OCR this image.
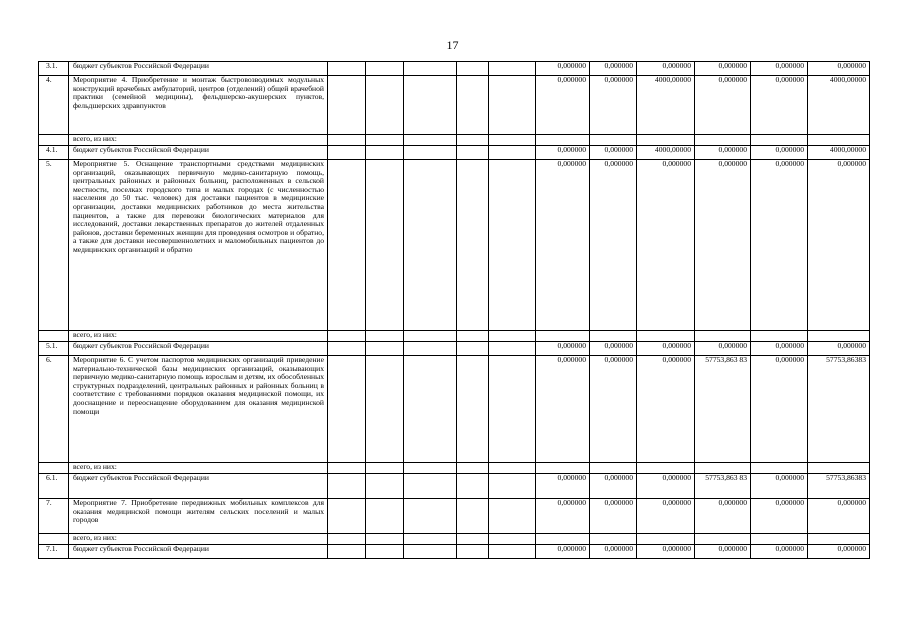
17
3.1.	бюджет субъектов Российской Федерации						0,000000	0,000000	0,000000	0,000000	0,000000	0,000000
4.	Мероприятие 4. Приобретение и монтаж быстровозводимых модульных конструкций врачебных амбулаторий, центров (отделений) общей врачебной практики (семейной медицины), фельдшерско-акушерских пунктов, фельдшерских здравпунктов						0,000000	0,000000	4000,00000	0,000000	0,000000	4000,00000
	всего, из них:											
4.1.	бюджет субъектов Российской Федерации						0,000000	0,000000	4000,00000	0,000000	0,000000	4000,00000
5.	Мероприятие 5. Оснащение транспортными средствами медицинских организаций, оказывающих первичную медико-санитарную помощь, центральных районных и районных больниц, расположенных в сельской местности, поселках городского типа и малых городах (с численностью населения до 50 тыс. человек) для доставки пациентов в медицинские организации, доставки медицинских работников до места жительства пациентов, а также для перевозки биологических материалов для исследований, доставки лекарственных препаратов до жителей отдаленных районов, доставки беременных женщин для проведения осмотров и обратно, а также для доставки несовершеннолетних и маломобильных пациентов до медицинских организаций и обратно						0,000000	0,000000	0,000000	0,000000	0,000000	0,000000
	всего, из них:											
5.1.	бюджет субъектов Российской Федерации						0,000000	0,000000	0,000000	0,000000	0,000000	0,000000
6.	Мероприятие 6. С учетом паспортов медицинских организаций приведение материально-технической базы медицинских организаций, оказывающих первичную медико-санитарную помощь взрослым и детям, их обособленных структурных подразделений, центральных районных и районных больниц в соответствие с требованиями порядков оказания медицинской помощи, их дооснащение и переоснащение оборудованием для оказания медицинской помощи						0,000000	0,000000	0,000000	57753,863 83	0,000000	57753,86383
	всего, из них:											
6.1.	бюджет субъектов Российской Федерации						0,000000	0,000000	0,000000	57753,863 83	0,000000	57753,86383
7.	Мероприятие 7. Приобретение передвижных мобильных комплексов для оказания медицинской помощи жителям сельских поселений и малых городов						0,000000	0,000000	0,000000	0,000000	0,000000	0,000000
	всего, из них:											
7.1.	бюджет субъектов Российской Федерации						0,000000	0,000000	0,000000	0,000000	0,000000	0,000000
